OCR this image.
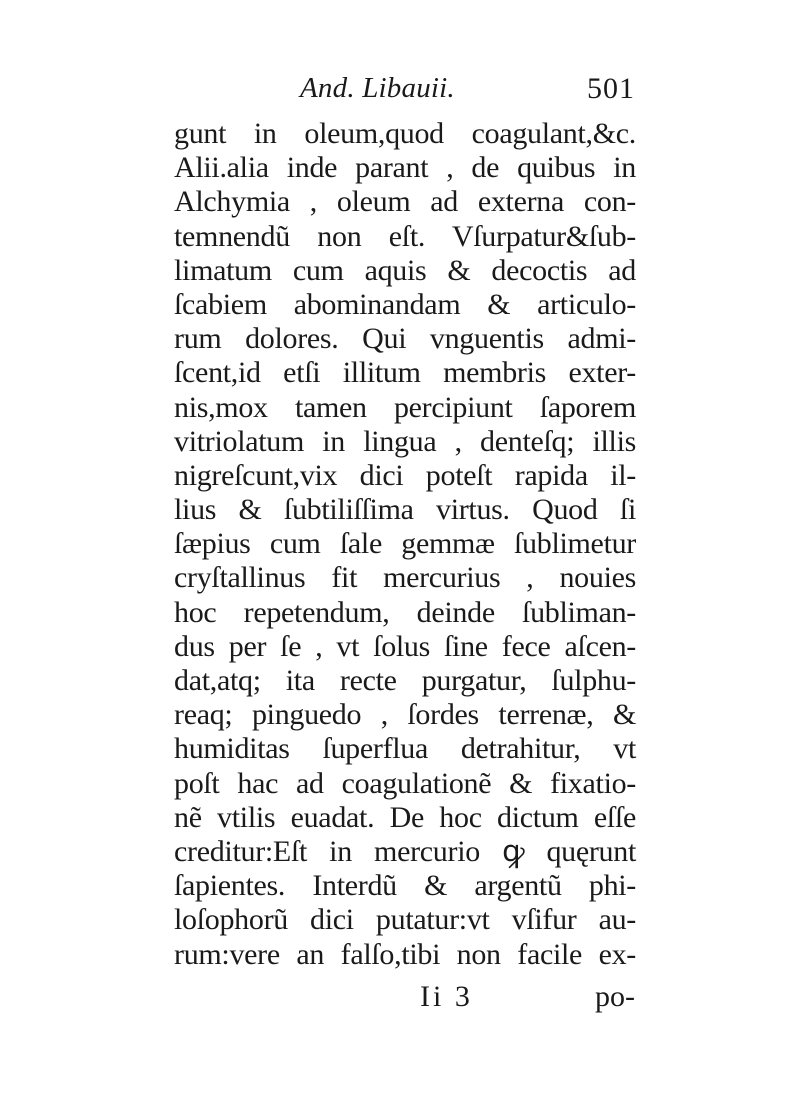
And. Libauii.	501
gunt in oleum,quod coagulant,&c.
Alii.alia inde parant , de quibus in
Alchymia , oleum ad externa con-
temnendũ non eſt. Vſurpatur&ſub-
limatum cum aquis & decoctis ad
ſcabiem abominandam & articulo-
rum dolores. Qui vnguentis admi-
ſcent,id etſi illitum membris exter-
nis,mox tamen percipiunt ſaporem
vitriolatum in lingua , denteſq; illis
nigreſcunt,vix dici poteſt rapida il-
lius & ſubtiliſſima virtus. Quod ſi
ſæpius cum ſale gemmæ ſublimetur
cryſtallinus fit mercurius , nouies
hoc repetendum, deinde ſubliman-
dus per ſe , vt ſolus ſine fece aſcen-
dat,atq; ita recte purgatur, ſulphu-
reaq; pinguedo , ſordes terrenæ, &
humiditas ſuperflua detrahitur, vt
poſt hac ad coagulationẽ & fixatio-
nẽ vtilis euadat. De hoc dictum eſſe
creditur:Eſt in mercurio ꝙ quęrunt
ſapientes. Interdũ & argentũ phi-
loſophorũ dici putatur:vt vſifur au-
rum:vere an falſo,tibi non facile ex-
Ii 3	po-
